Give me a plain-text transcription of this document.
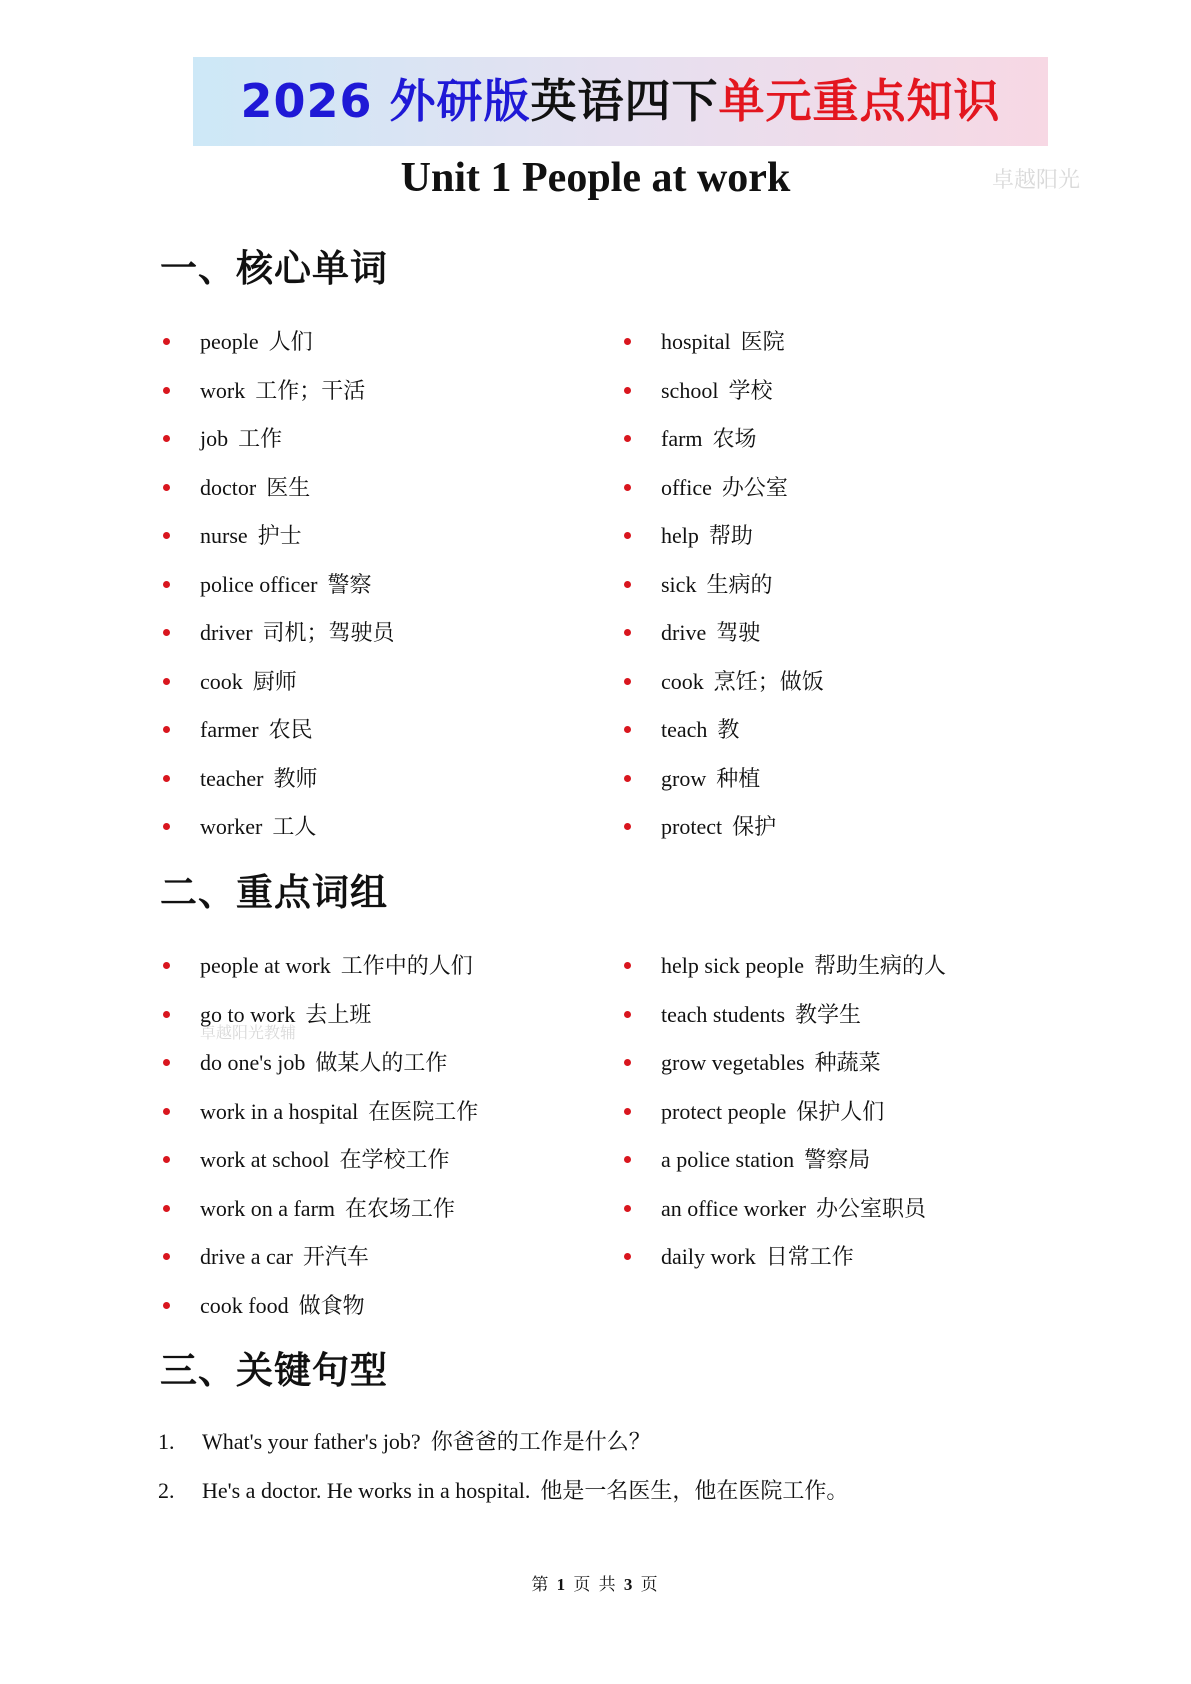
2026 外研版英语四下单元重点知识
Unit 1 People at work	卓越阳光
卓越阳光教辅
一、核心单词
people 人们
work 工作；干活
job 工作
doctor 医生
nurse 护士
police officer 警察
driver 司机；驾驶员
cook 厨师
farmer 农民
teacher 教师
worker 工人
hospital 医院
school 学校
farm 农场
office 办公室
help 帮助
sick 生病的
drive 驾驶
cook 烹饪；做饭
teach 教
grow 种植
protect 保护
二、重点词组
people at work 工作中的人们
go to work 去上班
do one's job 做某人的工作
work in a hospital 在医院工作
work at school 在学校工作
work on a farm 在农场工作
drive a car 开汽车
cook food 做食物
help sick people 帮助生病的人
teach students 教学生
grow vegetables 种蔬菜
protect people 保护人们
a police station 警察局
an office worker 办公室职员
daily work 日常工作
三、关键句型
1. What's your father's job? 你爸爸的工作是什么？
2. He's a doctor. He works in a hospital. 他是一名医生，他在医院工作。
第 1 页 共 3 页
